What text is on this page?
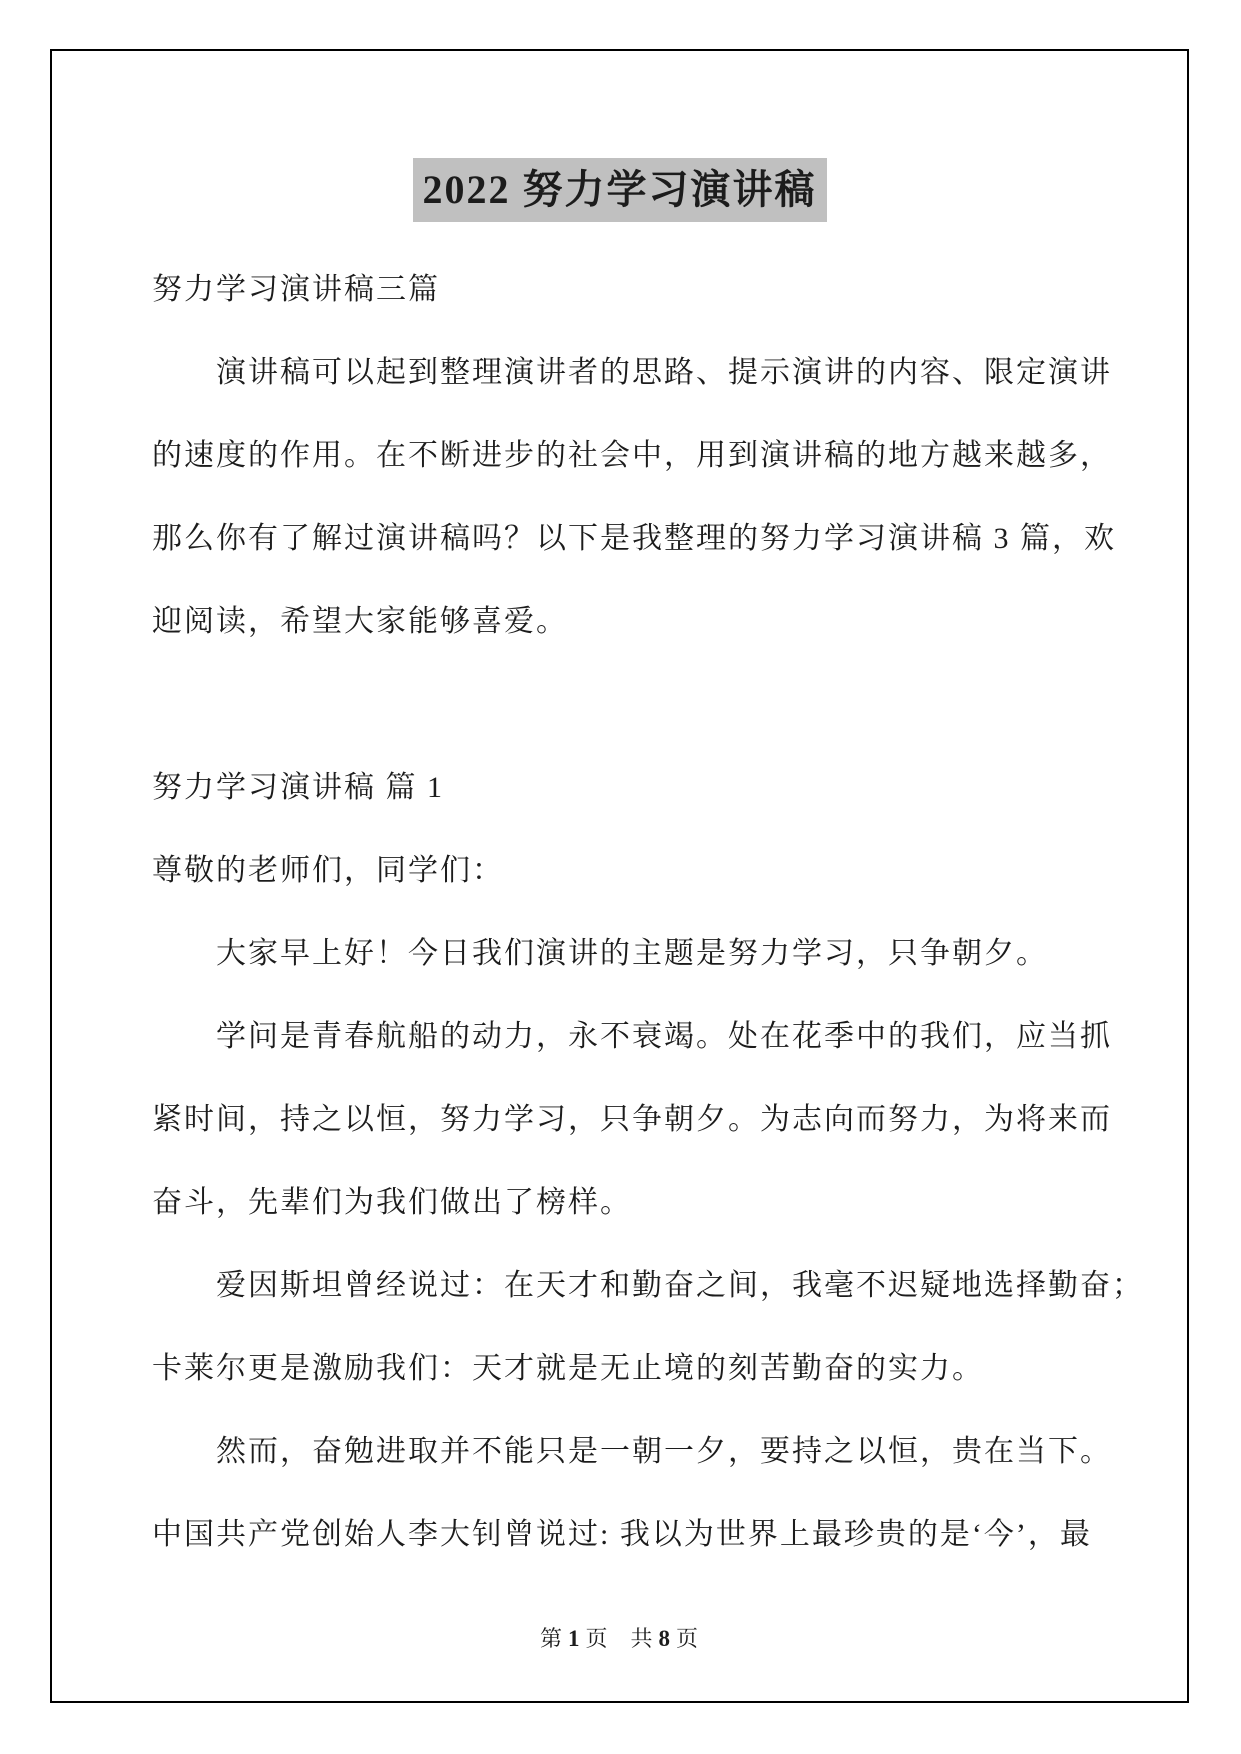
2022 努力学习演讲稿
努力学习演讲稿三篇
演讲稿可以起到整理演讲者的思路、提示演讲的内容、限定演讲
的速度的作用。在不断进步的社会中，用到演讲稿的地方越来越多，
那么你有了解过演讲稿吗？以下是我整理的努力学习演讲稿 3 篇，欢
迎阅读，希望大家能够喜爱。
努力学习演讲稿 篇 1
尊敬的老师们，同学们：
大家早上好！今日我们演讲的主题是努力学习，只争朝夕。
学问是青春航船的动力，永不衰竭。处在花季中的我们，应当抓
紧时间，持之以恒，努力学习，只争朝夕。为志向而努力，为将来而
奋斗，先辈们为我们做出了榜样。
爱因斯坦曾经说过：在天才和勤奋之间，我毫不迟疑地选择勤奋；
卡莱尔更是激励我们：天才就是无止境的刻苦勤奋的实力。
然而，奋勉进取并不能只是一朝一夕，要持之以恒，贵在当下。
中国共产党创始人李大钊曾说过: 我以为世界上最珍贵的是‘今’，最
第 1 页 共 8 页
